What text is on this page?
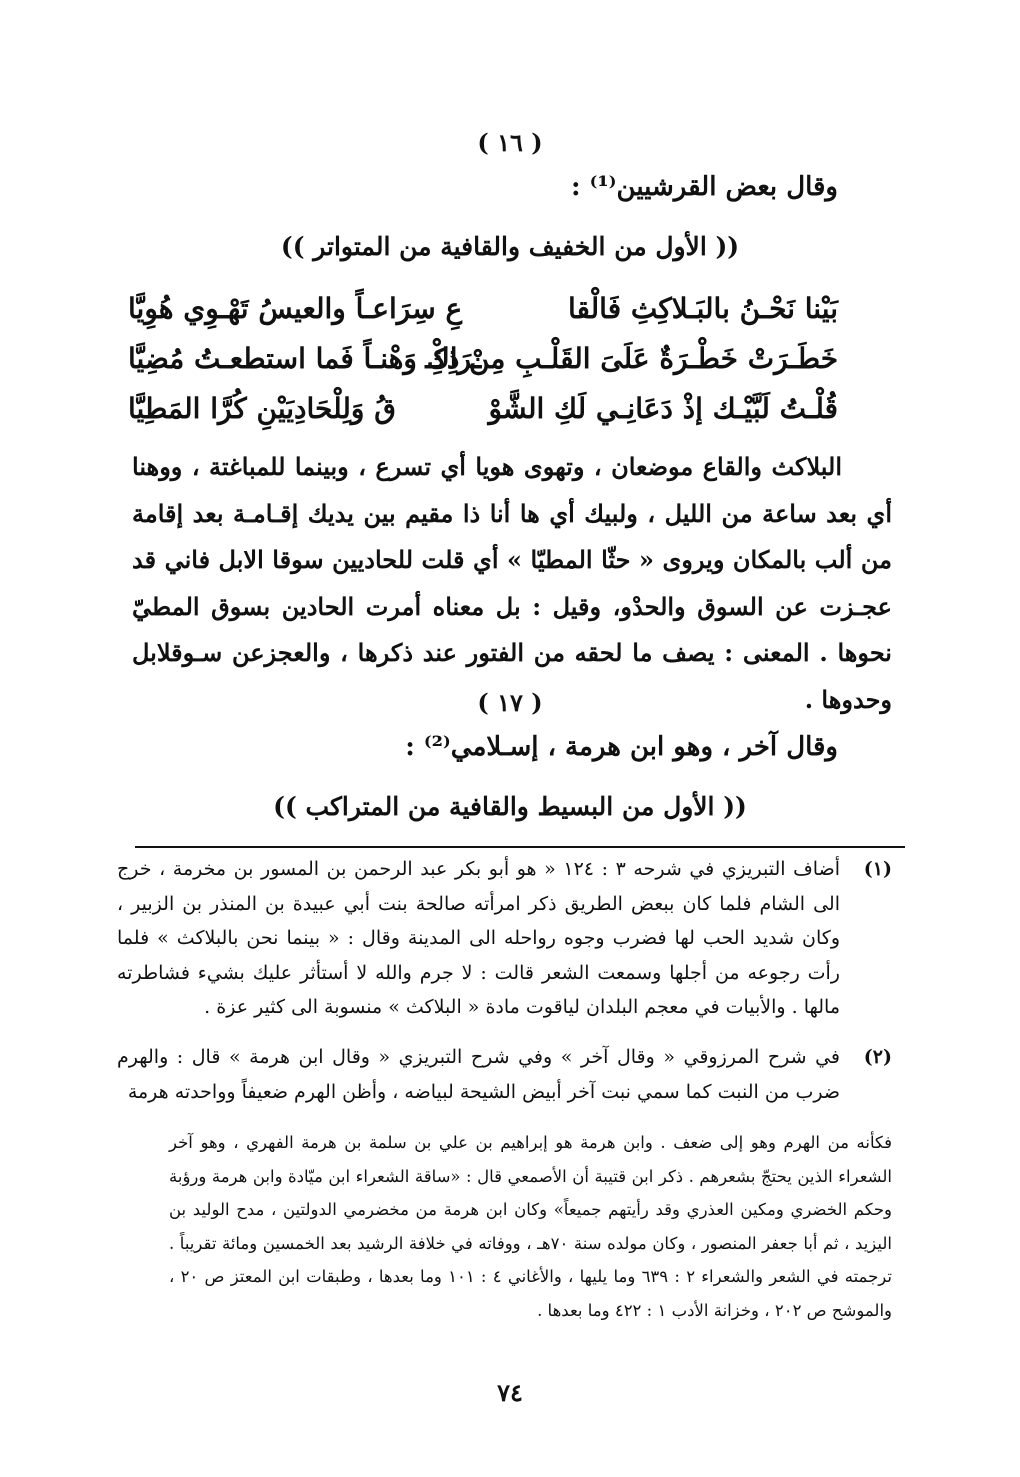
( ١٦ )
وقال بعض القرشيين⁽¹⁾ :
(( الأول من الخفيف والقافية من المتواتر ))
بَيْنا نَحْـنُ بالبَـلاكِثِ فَالْقا
عِ سِرَاعـاً والعيسُ تَهْـوِي هُوِيَّا
خَطَـرَتْ خَطْـرَةٌ عَلَىَ القَلْـبِ مِنْ ذِكْـ
ـرَاكِ وَهْنـاً فَما استطعـتُ مُضِيَّا
قُلْـتُ لَبَّيْـك إذْ دَعَانِـي لَكِ الشَّوْ
قُ وَلِلْحَادِيَيْنِ كُرَّا المَطِيَّا

البلاكث والقاع موضعان ، وتهوى هويا أي تسرع ، وبينما للمباغتة ، ووهنا أي بعد ساعة من الليل ، ولبيك أي ها أنا ذا مقيم بين يديك إقـامـة بعد إقامة من ألب بالمكان ويروى « حثّا المطيّا » أي قلت للحاديين سوقا الابل فاني قد عجـزت عن السوق والحدْو، وقيل : بل معناه أمرت الحادين بسوق المطيّ نحوها . المعنى : يصف ما لحقه من الفتور عند ذكرها ، والعجزعن سـوقلابل وحدوها .

( ١٧ )
وقال آخر ، وهو ابن هرمة ، إسـلامي⁽²⁾ :
(( الأول من البسيط والقافية من المتراكب ))
(١)
أضاف التبريزي في شرحه ٣ : ١٢٤ « هو أبو بكر عبد الرحمن بن المسور بن مخرمة ، خرج الى الشام فلما كان ببعض الطريق ذكر امرأته صالحة بنت أبي عبيدة بن المنذر بن الزبير ، وكان شديد الحب لها فضرب وجوه رواحله الى المدينة وقال : « بينما نحن بالبلاكث » فلما رأت رجوعه من أجلها وسمعت الشعر قالت : لا جرم والله لا أستأثر عليك بشيء فشاطرته مالها . والأبيات في معجم البلدان لياقوت مادة « البلاكث » منسوبة الى كثير عزة .
(٢)
في شرح المرزوقي « وقال آخر » وفي شرح التبريزي « وقال ابن هرمة » قال : والهرم ضرب من النبت كما سمي نبت آخر أبيض الشيحة لبياضه ، وأظن الهرم ضعيفاً وواحدته هرمة
فكأنه من الهرم وهو إلى ضعف . وابن هرمة هو إبراهيم بن علي بن سلمة بن هرمة الفهري ، وهو آخر الشعراء الذين يحتجّ بشعرهم . ذكر ابن قتيبة أن الأصمعي قال : «ساقة الشعراء ابن ميّادة وابن هرمة ورؤبة وحكم الخضري ومكين العذري وقد رأيتهم جميعاً» وكان ابن هرمة من مخضرمي الدولتين ، مدح الوليد بن اليزيد ، ثم أبا جعفر المنصور ، وكان مولده سنة ٧٠هـ ، ووفاته في خلافة الرشيد بعد الخمسين ومائة تقريباً . ترجمته في الشعر والشعراء ٢ : ٦٣٩ وما يليها ، والأغاني ٤ : ١٠١ وما بعدها ، وطبقات ابن المعتز ص ٢٠ ، والموشح ص ٢٠٢ ، وخزانة الأدب ١ : ٤٢٢ وما بعدها .
٧٤
